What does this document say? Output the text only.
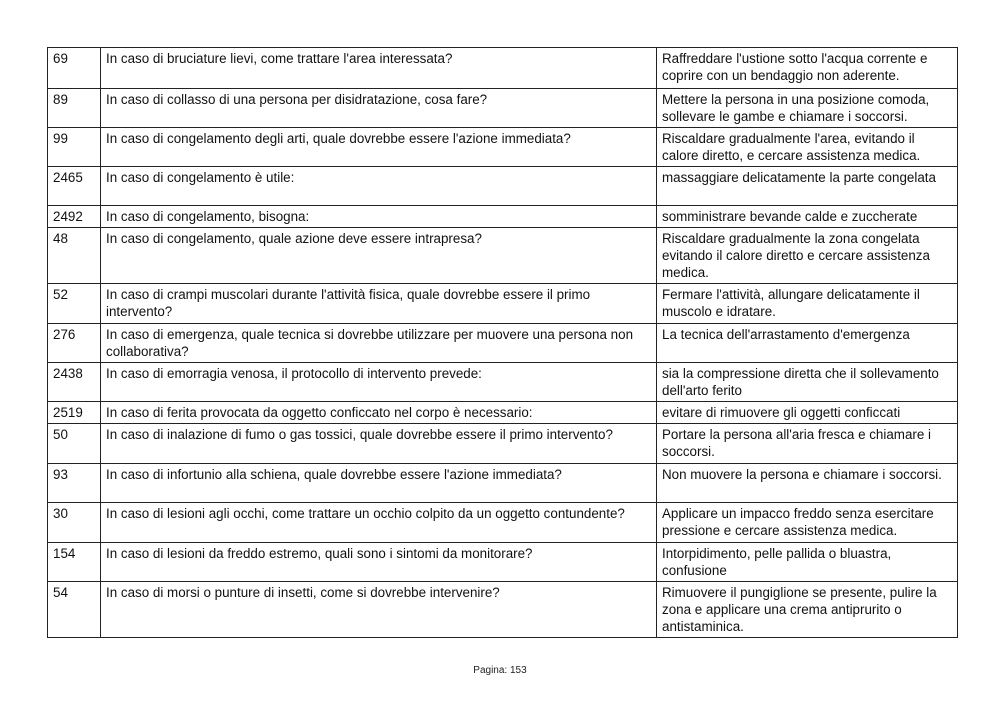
69	In caso di bruciature lievi, come trattare l'area interessata?	Raffreddare l'ustione sotto l'acqua corrente e coprire con un bendaggio non aderente.
89	In caso di collasso di una persona per disidratazione, cosa fare?	Mettere la persona in una posizione comoda, sollevare le gambe e chiamare i soccorsi.
99	In caso di congelamento degli arti, quale dovrebbe essere l'azione immediata?	Riscaldare gradualmente l'area, evitando il calore diretto, e cercare assistenza medica.
2465	In caso di congelamento è utile:	massaggiare delicatamente la parte congelata
2492	In caso di congelamento, bisogna:	somministrare bevande calde e zuccherate
48	In caso di congelamento, quale azione deve essere intrapresa?	Riscaldare gradualmente la zona congelata evitando il calore diretto e cercare assistenza medica.
52	In caso di crampi muscolari durante l'attività fisica, quale dovrebbe essere il primo intervento?	Fermare l'attività, allungare delicatamente il muscolo e idratare.
276	In caso di emergenza, quale tecnica si dovrebbe utilizzare per muovere una persona non collaborativa?	La tecnica dell'arrastamento d'emergenza
2438	In caso di emorragia venosa, il protocollo di intervento prevede:	sia la compressione diretta che il sollevamento dell'arto ferito
2519	In caso di ferita provocata da oggetto conficcato nel corpo è necessario:	evitare di rimuovere gli oggetti conficcati
50	In caso di inalazione di fumo o gas tossici, quale dovrebbe essere il primo intervento?	Portare la persona all'aria fresca e chiamare i soccorsi.
93	In caso di infortunio alla schiena, quale dovrebbe essere l'azione immediata?	Non muovere la persona e chiamare i soccorsi.
30	In caso di lesioni agli occhi, come trattare un occhio colpito da un oggetto contundente?	Applicare un impacco freddo senza esercitare pressione e cercare assistenza medica.
154	In caso di lesioni da freddo estremo, quali sono i sintomi da monitorare?	Intorpidimento, pelle pallida o bluastra, confusione
54	In caso di morsi o punture di insetti, come si dovrebbe intervenire?	Rimuovere il pungiglione se presente, pulire la zona e applicare una crema antiprurito o antistaminica.
Pagina: 153
